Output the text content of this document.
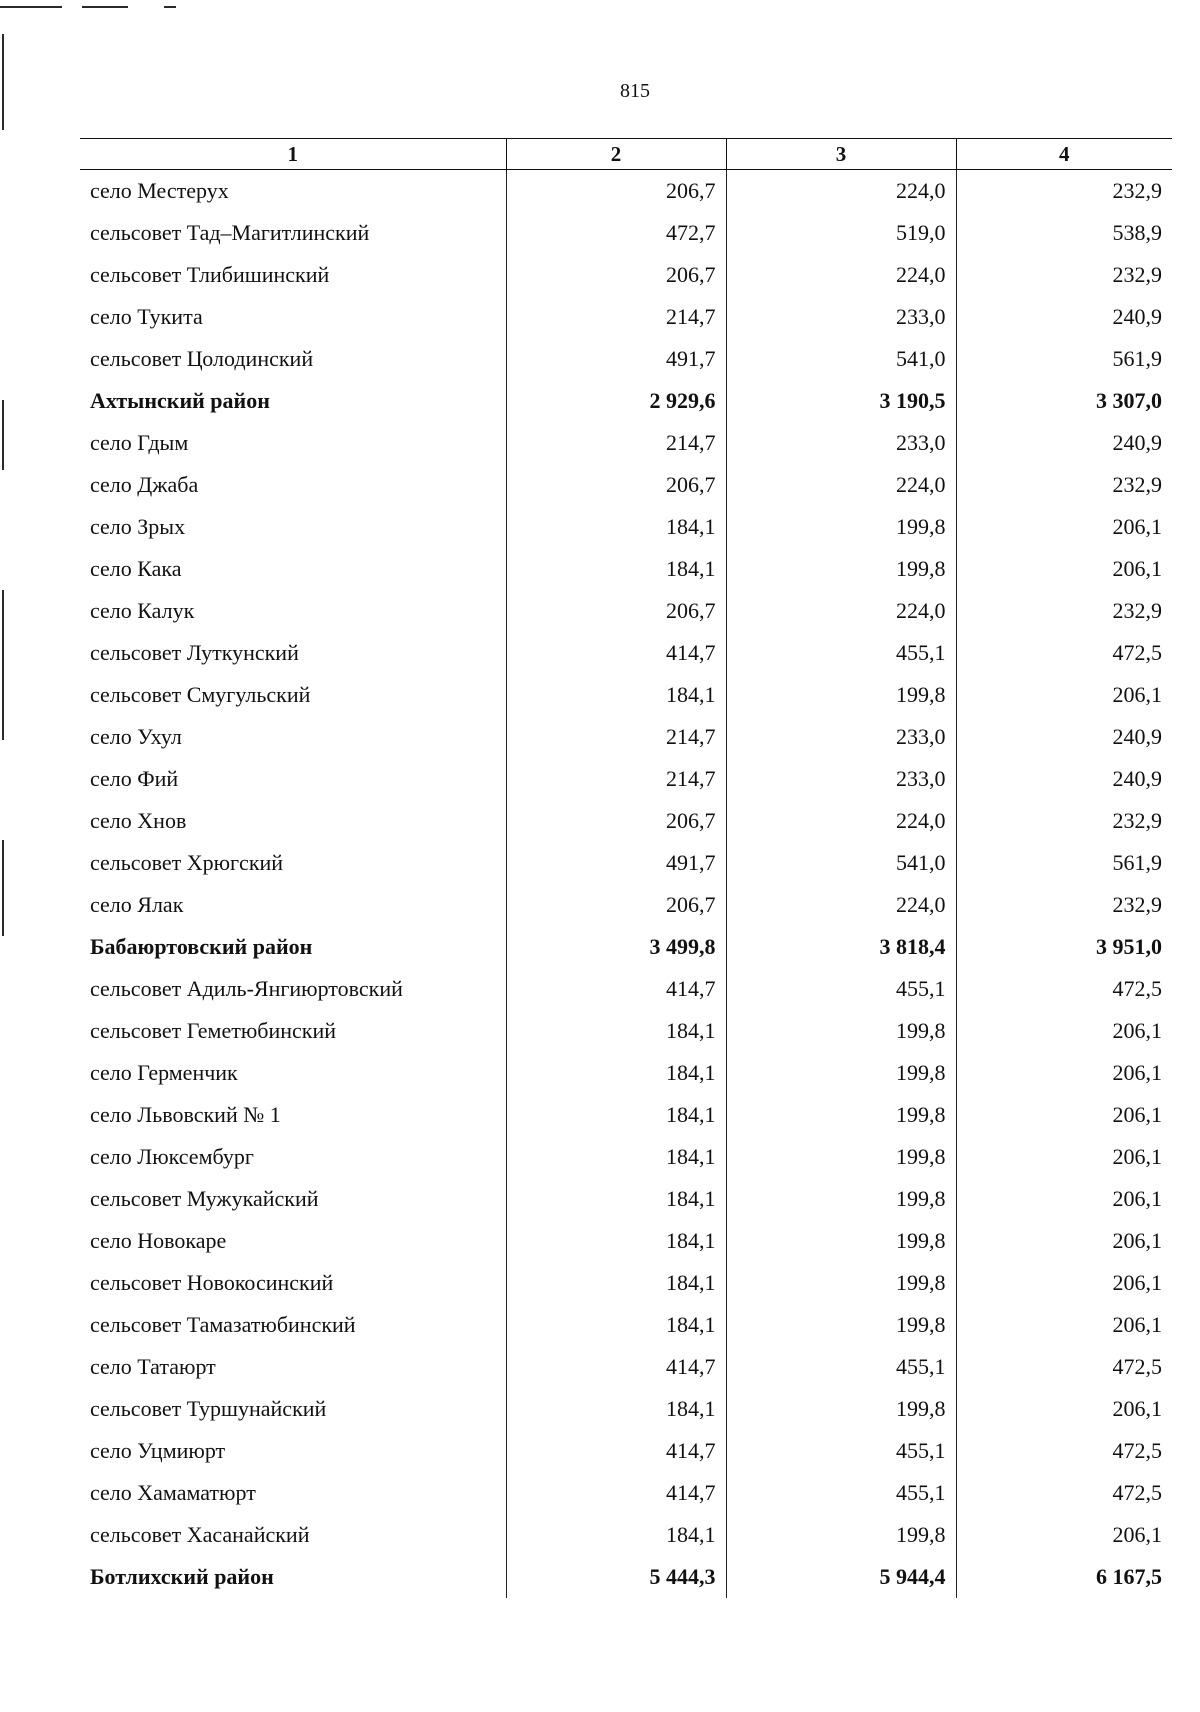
815
1	2	3	4
село Местерух	206,7	224,0	232,9
сельсовет Тад–Магитлинский	472,7	519,0	538,9
сельсовет Тлибишинский	206,7	224,0	232,9
село Тукита	214,7	233,0	240,9
сельсовет Цолодинский	491,7	541,0	561,9
Ахтынский район	2 929,6	3 190,5	3 307,0
село Гдым	214,7	233,0	240,9
село Джаба	206,7	224,0	232,9
село Зрых	184,1	199,8	206,1
село Кака	184,1	199,8	206,1
село Калук	206,7	224,0	232,9
сельсовет Луткунский	414,7	455,1	472,5
сельсовет Смугульский	184,1	199,8	206,1
село Ухул	214,7	233,0	240,9
село Фий	214,7	233,0	240,9
село Хнов	206,7	224,0	232,9
сельсовет Хрюгский	491,7	541,0	561,9
село Ялак	206,7	224,0	232,9
Бабаюртовский район	3 499,8	3 818,4	3 951,0
сельсовет Адиль-Янгиюртовский	414,7	455,1	472,5
сельсовет Геметюбинский	184,1	199,8	206,1
село Герменчик	184,1	199,8	206,1
село Львовский № 1	184,1	199,8	206,1
село Люксембург	184,1	199,8	206,1
сельсовет Мужукайский	184,1	199,8	206,1
село Новокаре	184,1	199,8	206,1
сельсовет Новокосинский	184,1	199,8	206,1
сельсовет Тамазатюбинский	184,1	199,8	206,1
село Татаюрт	414,7	455,1	472,5
сельсовет Туршунайский	184,1	199,8	206,1
село Уцмиюрт	414,7	455,1	472,5
село Хамаматюрт	414,7	455,1	472,5
сельсовет Хасанайский	184,1	199,8	206,1
Ботлихский район	5 444,3	5 944,4	6 167,5
